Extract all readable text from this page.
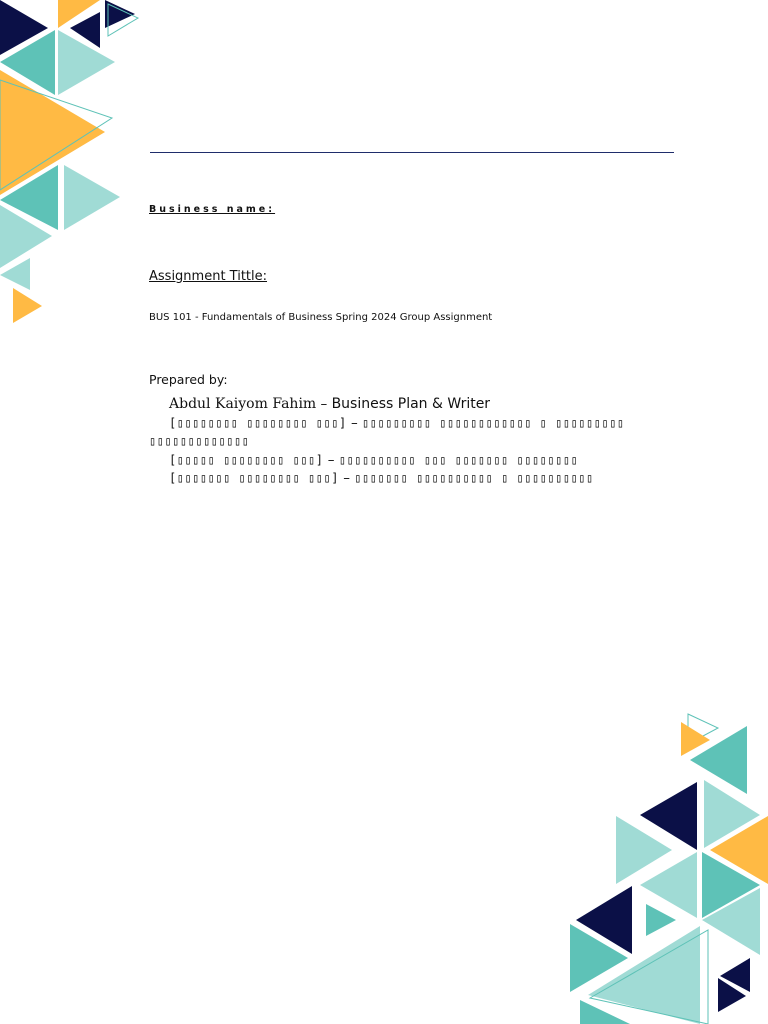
Business name:
Assignment Tittle:
BUS 101 - Fundamentals of Business Spring 2024 Group Assignment
Prepared by:

Abdul Kaiyom Fahim – Business Plan & Writer

[▯▯▯▯▯▯▯▯ ▯▯▯▯▯▯▯▯ ▯▯▯] – ▯▯▯▯▯▯▯▯▯ ▯▯▯▯▯▯▯▯▯▯▯▯ ▯ ▯▯▯▯▯▯▯▯▯ ▯▯▯▯▯▯▯▯▯▯▯▯▯

[▯▯▯▯▯ ▯▯▯▯▯▯▯▯ ▯▯▯] – ▯▯▯▯▯▯▯▯▯▯ ▯▯▯ ▯▯▯▯▯▯▯ ▯▯▯▯▯▯▯▯

[▯▯▯▯▯▯▯ ▯▯▯▯▯▯▯▯ ▯▯▯] – ▯▯▯▯▯▯▯ ▯▯▯▯▯▯▯▯▯▯ ▯ ▯▯▯▯▯▯▯▯▯▯
